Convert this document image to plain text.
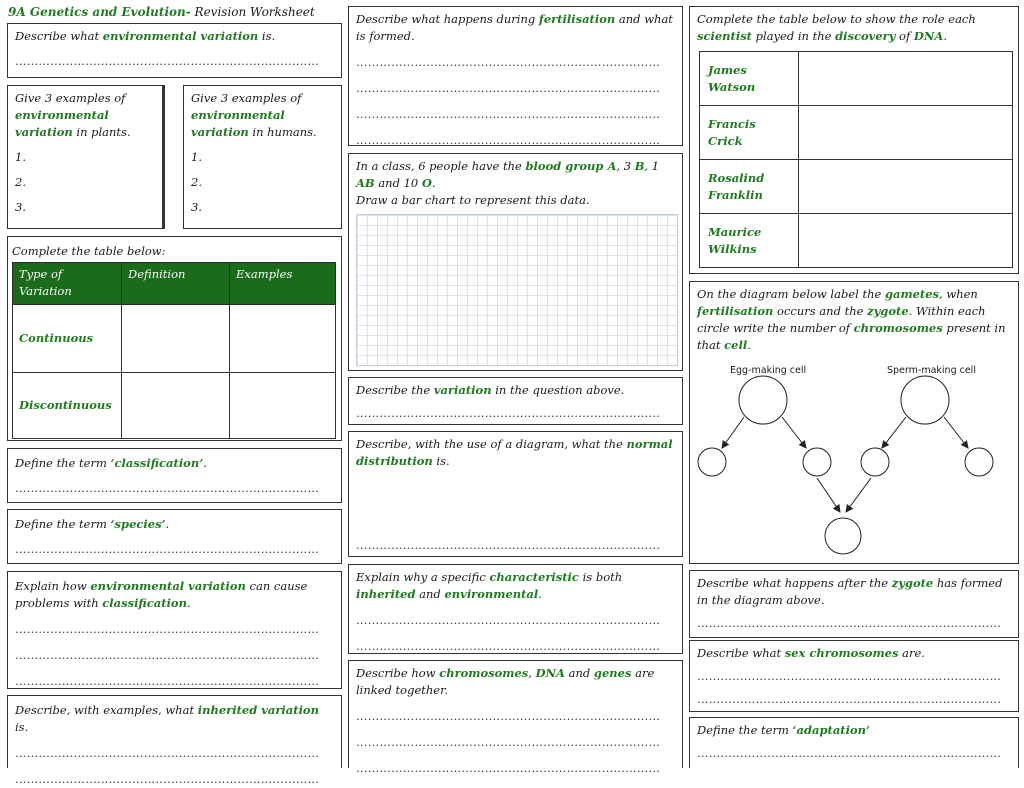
9A Genetics and Evolution- Revision Worksheet
Describe what environmental variation is.
……………………………………………………………………
Give 3 examples of environmental variation in plants.
1.
2.
3.
Give 3 examples of environmental variation in humans.
1.
2.
3.
Complete the table below:
Type of Variation	Definition	Examples
Continuous		
Discontinuous		
Define the term ‘classification’.
……………………………………………………………………
Define the term ‘species’.
……………………………………………………………………
Explain how environmental variation can cause problems with classification.
……………………………………………………………………
……………………………………………………………………
……………………………………………………………………
Describe, with examples, what inherited variation is.
……………………………………………………………………
……………………………………………………………………
Describe what happens during fertilisation and what is formed.
……………………………………………………………………
……………………………………………………………………
……………………………………………………………………
……………………………………………………………………
In a class, 6 people have the blood group A, 3 B, 1 AB and 10 O.
Draw a bar chart to represent this data.
Describe the variation in the question above.
……………………………………………………………………
Describe, with the use of a diagram, what the normal distribution is.
……………………………………………………………………
Explain why a specific characteristic is both inherited and environmental.
……………………………………………………………………
……………………………………………………………………
Describe how chromosomes, DNA and genes are linked together.
……………………………………………………………………
……………………………………………………………………
……………………………………………………………………
Complete the table below to show the role each scientist played in the discovery of DNA.
James Watson	
Francis Crick	
Rosalind Franklin	
Maurice Wilkins	
On the diagram below label the gametes, when fertilisation occurs and the zygote. Within each circle write the number of chromosomes present in that cell.
Egg-making cell	Sperm-making cell
Describe what happens after the zygote has formed in the diagram above.
……………………………………………………………………
Describe what sex chromosomes are.
……………………………………………………………………
……………………………………………………………………
Define the term ‘adaptation’
……………………………………………………………………
